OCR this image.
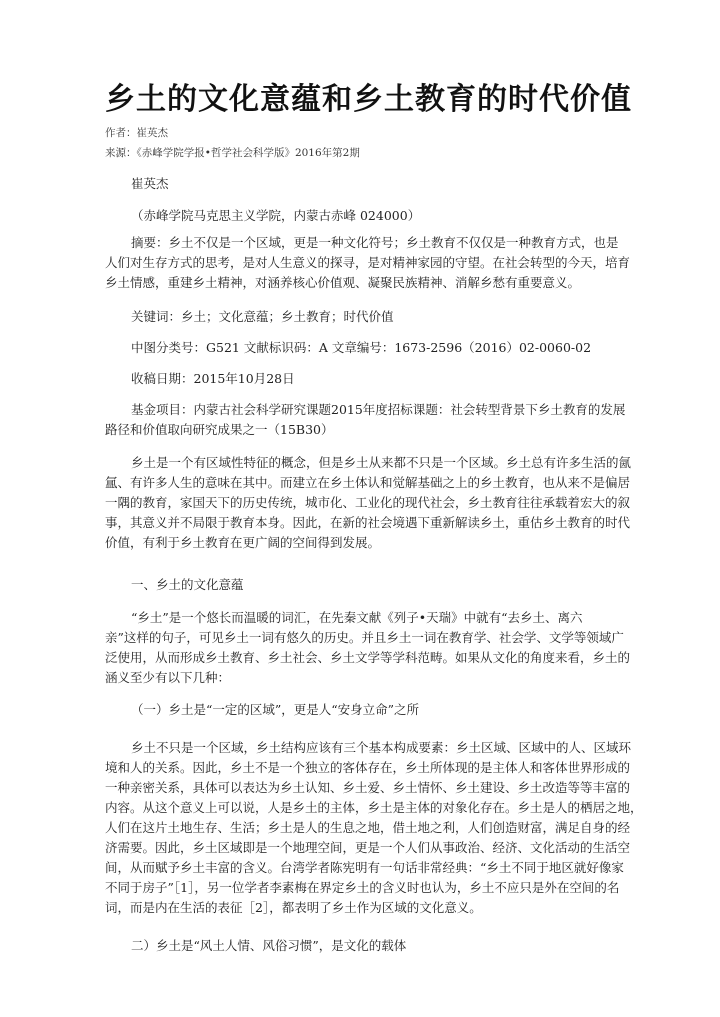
乡土的文化意蕴和乡土教育的时代价值
作者：崔英杰
来源：《赤峰学院学报•哲学社会科学版》2016年第2期
崔英杰
（赤峰学院马克思主义学院，内蒙古赤峰 024000）
摘要：乡土不仅是一个区域，更是一种文化符号；乡土教育不仅仅是一种教育方式，也是
人们对生存方式的思考，是对人生意义的探寻，是对精神家园的守望。在社会转型的今天，培育
乡土情感，重建乡土精神，对涵养核心价值观、凝聚民族精神、消解乡愁有重要意义。
关键词：乡土；文化意蕴；乡土教育；时代价值
中图分类号：G521 文献标识码：A 文章编号：1673-2596（2016）02-0060-02
收稿日期：2015年10月28日
基金项目：内蒙古社会科学研究课题2015年度招标课题：社会转型背景下乡土教育的发展
路径和价值取向研究成果之一（15B30）
乡土是一个有区域性特征的概念，但是乡土从来都不只是一个区域。乡土总有许多生活的氤
氲、有许多人生的意味在其中。而建立在乡土体认和觉解基础之上的乡土教育，也从来不是偏居
一隅的教育，家国天下的历史传统，城市化、工业化的现代社会，乡土教育往往承载着宏大的叙
事，其意义并不局限于教育本身。因此，在新的社会境遇下重新解读乡土，重估乡土教育的时代
价值，有利于乡土教育在更广阔的空间得到发展。
一、乡土的文化意蕴
“乡土”是一个悠长而温暖的词汇，在先秦文献《列子•天瑞》中就有“去乡土、离六
亲”这样的句子，可见乡土一词有悠久的历史。并且乡土一词在教育学、社会学、文学等领域广
泛使用，从而形成乡土教育、乡土社会、乡土文学等学科范畴。如果从文化的角度来看，乡土的
涵义至少有以下几种：
（一）乡土是“一定的区域”，更是人“安身立命”之所
乡土不只是一个区域，乡土结构应该有三个基本构成要素：乡土区域、区域中的人、区域环
境和人的关系。因此，乡土不是一个独立的客体存在，乡土所体现的是主体人和客体世界形成的
一种亲密关系，具体可以表达为乡土认知、乡土爱、乡土情怀、乡土建设、乡土改造等等丰富的
内容。从这个意义上可以说，人是乡土的主体，乡土是主体的对象化存在。乡土是人的栖居之地，
人们在这片土地生存、生活；乡土是人的生息之地，借土地之利，人们创造财富，满足自身的经
济需要。因此，乡土区域即是一个地理空间，更是一个人们从事政治、经济、文化活动的生活空
间，从而赋予乡土丰富的含义。台湾学者陈宪明有一句话非常经典：“乡土不同于地区就好像家
不同于房子”［1］，另一位学者李素梅在界定乡土的含义时也认为，乡土不应只是外在空间的名
词，而是内在生活的表征［2］，都表明了乡土作为区域的文化意义。
二）乡土是“风土人情、风俗习惯”，是文化的载体
